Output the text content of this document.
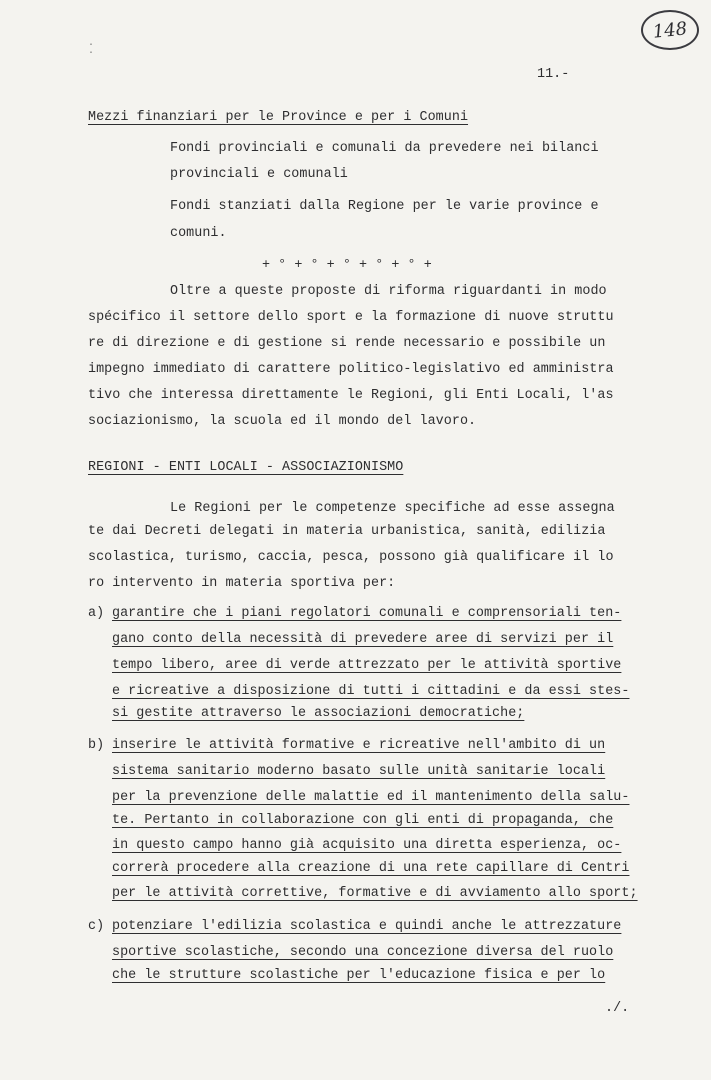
148
·
·
11.-
Mezzi finanziari per le Province e per i Comuni
Fondi provinciali e comunali da prevedere nei bilanci
provinciali e comunali
Fondi stanziati dalla Regione per le varie province e
comuni.
+ ° + ° + ° + ° + ° +
Oltre a queste proposte di riforma riguardanti in modo
spécifico il settore dello sport e la formazione di nuove struttu
re di direzione e di gestione si rende necessario e possibile un
impegno immediato di carattere politico-legislativo ed amministra
tivo che interessa direttamente le Regioni, gli Enti Locali, l'as
sociazionismo, la scuola ed il mondo del lavoro.
REGIONI - ENTI LOCALI - ASSOCIAZIONISMO
Le Regioni per le competenze specifiche ad esse assegna
te dai Decreti delegati in materia urbanistica, sanità, edilizia
scolastica, turismo, caccia, pesca, possono già qualificare il lo
ro intervento in materia sportiva per:
a) garantire che i piani regolatori comunali e comprensoriali ten-
gano conto della necessità di prevedere aree di servizi per il
tempo libero, aree di verde attrezzato per le attività sportive
e ricreative a disposizione di tutti i cittadini e da essi stes-
si gestite attraverso le associazioni democratiche;
b) inserire le attività formative e ricreative nell'ambito di un
sistema sanitario moderno basato sulle unità sanitarie locali
per la prevenzione delle malattie ed il mantenimento della salu-
te. Pertanto in collaborazione con gli enti di propaganda, che
in questo campo hanno già acquisito una diretta esperienza, oc-
correrà procedere alla creazione di una rete capillare di Centri
per le attività correttive, formative e di avviamento allo sport;
c) potenziare l'edilizia scolastica e quindi anche le attrezzature
sportive scolastiche, secondo una concezione diversa del ruolo
che le strutture scolastiche per l'educazione fisica e per lo
./.
